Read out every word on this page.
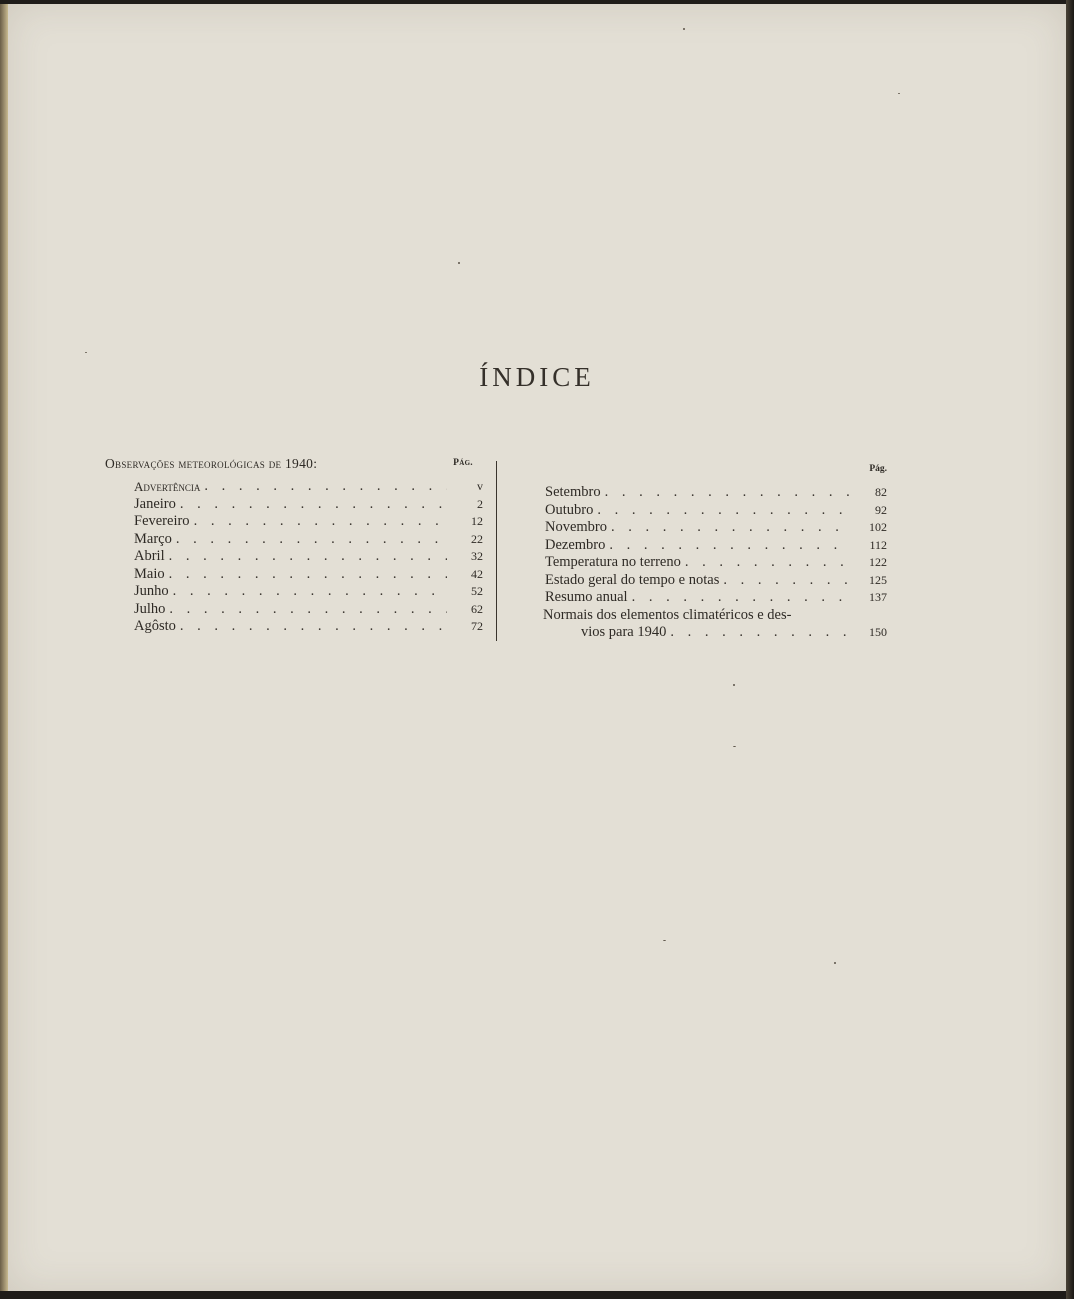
ÍNDICE
Observações meteorológicas de 1940:	Pág.
Advertência . . .	v
Janeiro . . .	2
Fevereiro . . .	12
Março . . .	22
Abril . . .	32
Maio . . .	42
Junho . . .	52
Julho . . .	62
Agôsto . . .	72
Pág.
Setembro . . .	82
Outubro . . .	92
Novembro . . .	102
Dezembro . . .	112
Temperatura no terreno . . .	122
Estado geral do tempo e notas . . .	125
Resumo anual . . .	137
Normais dos elementos climatéricos e des-
vios para 1940 . . .	150
